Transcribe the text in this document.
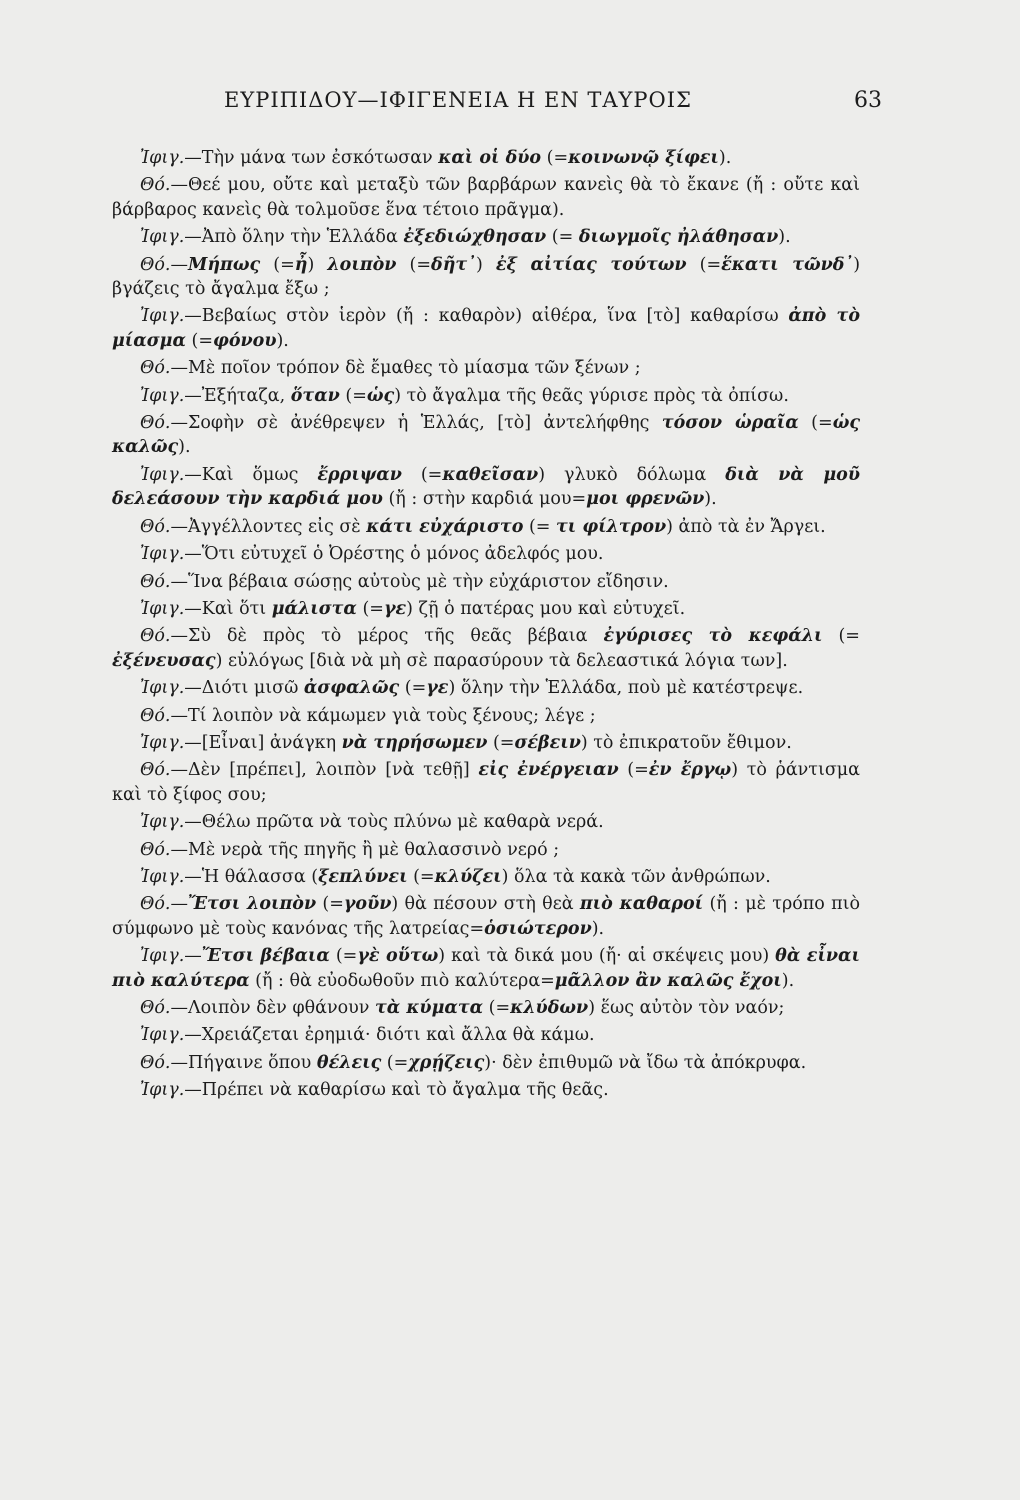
ΕΥΡΙΠΙΔΟΥ—ΙΦΙΓΕΝΕΙΑ Η ΕΝ ΤΑΥΡΟΙΣ	63

Ἰφιγ.—Τὴν μάνα των ἐσκότωσαν καὶ οἱ δύο (=κοινωνῷ ξίφει).

Θό.—Θεέ μου, οὔτε καὶ μεταξὺ τῶν βαρβάρων κανεὶς θὰ τὸ ἔκανε (ἤ : οὔτε καὶ βάρβαρος κανεὶς θὰ τολμοῦσε ἕνα τέτοιο πρᾶγμα).

Ἰφιγ.—Ἀπὸ ὅλην τὴν Ἑλλάδα ἐξεδιώχθησαν (= διωγμοῖς ἠλάθησαν).

Θό.—Μήπως (=ἦ) λοιπὸν (=δῆτ᾽) ἐξ αἰτίας τούτων (=ἕκατι τῶνδ᾽) βγάζεις τὸ ἄγαλμα ἔξω ;

Ἰφιγ.—Βεβαίως στὸν ἱερὸν (ἤ : καθαρὸν) αἰθέρα, ἵνα [τὸ] καθαρίσω ἀπὸ τὸ μίασμα (=φόνου).

Θό.—Μὲ ποῖον τρόπον δὲ ἔμαθες τὸ μίασμα τῶν ξένων ;

Ἰφιγ.—Ἐξήταζα, ὅταν (=ὡς) τὸ ἄγαλμα τῆς θεᾶς γύρισε πρὸς τὰ ὀπίσω.

Θό.—Σοφὴν σὲ ἀνέθρεψεν ἡ Ἑλλάς, [τὸ] ἀντελήφθης τόσον ὡραῖα (=ὡς καλῶς).

Ἰφιγ.—Καὶ ὅμως ἔρριψαν (=καθεῖσαν) γλυκὸ δόλωμα διὰ νὰ μοῦ δελεάσουν τὴν καρδιά μου (ἤ : στὴν καρδιά μου=μοι φρενῶν).

Θό.—Ἀγγέλλοντες εἰς σὲ κάτι εὐχάριστο (= τι φίλτρον) ἀπὸ τὰ ἐν Ἄργει.

Ἰφιγ.—Ὅτι εὐτυχεῖ ὁ Ὀρέστης ὁ μόνος ἀδελφός μου.

Θό.—Ἵνα βέβαια σώσῃς αὐτοὺς μὲ τὴν εὐχάριστον εἴδησιν.

Ἰφιγ.—Καὶ ὅτι μάλιστα (=γε) ζῇ ὁ πατέρας μου καὶ εὐτυχεῖ.

Θό.—Σὺ δὲ πρὸς τὸ μέρος τῆς θεᾶς βέβαια ἐγύρισες τὸ κεφάλι (= ἐξένευσας) εὐλόγως [διὰ νὰ μὴ σὲ παρασύρουν τὰ δελεαστικά λόγια των].

Ἰφιγ.—Διότι μισῶ ἀσφαλῶς (=γε) ὅλην τὴν Ἑλλάδα, ποὺ μὲ κατέστρεψε.

Θό.—Τί λοιπὸν νὰ κάμωμεν γιὰ τοὺς ξένους; λέγε ;

Ἰφιγ.—[Εἶναι] ἀνάγκη νὰ τηρήσωμεν (=σέβειν) τὸ ἐπικρατοῦν ἔθιμον.

Θό.—Δὲν [πρέπει], λοιπὸν [νὰ τεθῇ] εἰς ἐνέργειαν (=ἐν ἔργῳ) τὸ ῥάντισμα καὶ τὸ ξίφος σου;

Ἰφιγ.—Θέλω πρῶτα νὰ τοὺς πλύνω μὲ καθαρὰ νερά.

Θό.—Μὲ νερὰ τῆς πηγῆς ἢ μὲ θαλασσινὸ νερό ;

Ἰφιγ.—Ἡ θάλασσα (ξεπλύνει (=κλύζει) ὅλα τὰ κακὰ τῶν ἀνθρώπων.

Θό.—Ἔτσι λοιπὸν (=γοῦν) θὰ πέσουν στὴ θεὰ πιὸ καθαροί (ἤ : μὲ τρόπο πιὸ σύμφωνο μὲ τοὺς κανόνας τῆς λατρείας=ὁσιώτερον).

Ἰφιγ.—Ἔτσι βέβαια (=γὲ οὕτω) καὶ τὰ δικά μου (ἤ· αἱ σκέψεις μου) θὰ εἶναι πιὸ καλύτερα (ἤ : θὰ εὐοδωθοῦν πιὸ καλύτερα=μᾶλλον ἂν καλῶς ἔχοι).

Θό.—Λοιπὸν δὲν φθάνουν τὰ κύματα (=κλύδων) ἕως αὐτὸν τὸν ναόν;

Ἰφιγ.—Χρειάζεται ἐρημιά· διότι καὶ ἄλλα θὰ κάμω.

Θό.—Πήγαινε ὅπου θέλεις (=χρῄζεις)· δὲν ἐπιθυμῶ νὰ ἴδω τὰ ἀπόκρυφα.

Ἰφιγ.—Πρέπει νὰ καθαρίσω καὶ τὸ ἄγαλμα τῆς θεᾶς.
